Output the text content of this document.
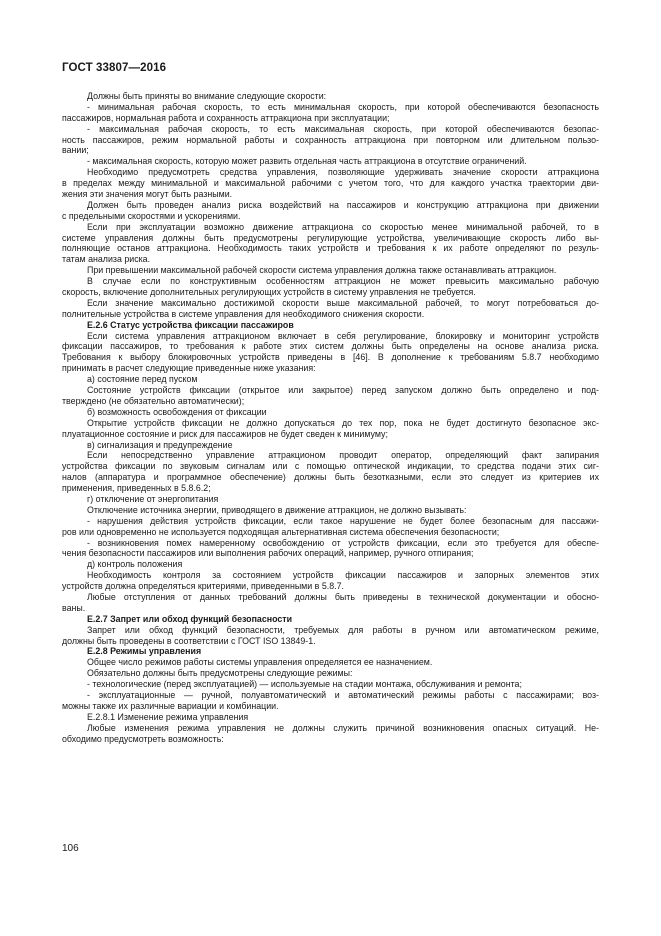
ГОСТ 33807—2016
Должны быть приняты во внимание следующие скорости:
- минимальная рабочая скорость, то есть минимальная скорость, при которой обеспечиваются безопасность
пассажиров, нормальная работа и сохранность аттракциона при эксплуатации;
- максимальная рабочая скорость, то есть максимальная скорость, при которой обеспечиваются безопас-
ность пассажиров, режим нормальной работы и сохранность аттракциона при повторном или длительном пользо-
вании;
- максимальная скорость, которую может развить отдельная часть аттракциона в отсутствие ограничений.
Необходимо предусмотреть средства управления, позволяющие удерживать значение скорости аттракциона
в пределах между минимальной и максимальной рабочими с учетом того, что для каждого участка траектории дви-
жения эти значения могут быть разными.
Должен быть проведен анализ риска воздействий на пассажиров и конструкцию аттракциона при движении
с предельными скоростями и ускорениями.
Если при эксплуатации возможно движение аттракциона со скоростью менее минимальной рабочей, то в
системе управления должны быть предусмотрены регулирующие устройства, увеличивающие скорость либо вы-
полняющие останов аттракциона. Необходимость таких устройств и требования к их работе определяют по резуль-
татам анализа риска.
При превышении максимальной рабочей скорости система управления должна также останавливать аттракцион.
В случае если по конструктивным особенностям аттракцион не может превысить максимально рабочую
скорость, включение дополнительных регулирующих устройств в систему управления не требуется.
Если значение максимально достижимой скорости выше максимальной рабочей, то могут потребоваться до-
полнительные устройства в системе управления для необходимого снижения скорости.
E.2.6 Статус устройства фиксации пассажиров
Если система управления аттракционом включает в себя регулирование, блокировку и мониторинг устройств
фиксации пассажиров, то требования к работе этих систем должны быть определены на основе анализа риска.
Требования к выбору блокировочных устройств приведены в [46]. В дополнение к требованиям 5.8.7 необходимо
принимать в расчет следующие приведенные ниже указания:
а) состояние перед пуском
Состояние устройств фиксации (открытое или закрытое) перед запуском должно быть определено и под-
тверждено (не обязательно автоматически);
б) возможность освобождения от фиксации
Открытие устройств фиксации не должно допускаться до тех пор, пока не будет достигнуто безопасное экс-
плуатационное состояние и риск для пассажиров не будет сведен к минимуму;
в) сигнализация и предупреждение
Если непосредственно управление аттракционом проводит оператор, определяющий факт запирания
устройства фиксации по звуковым сигналам или с помощью оптической индикации, то средства подачи этих сиг-
налов (аппаратура и программное обеспечение) должны быть безотказными, если это следует из критериев их
применения, приведенных в 5.8.6.2;
г) отключение от энергопитания
Отключение источника энергии, приводящего в движение аттракцион, не должно вызывать:
- нарушения действия устройств фиксации, если такое нарушение не будет более безопасным для пассажи-
ров или одновременно не используется подходящая альтернативная система обеспечения безопасности;
- возникновения помех намеренному освобождению от устройств фиксации, если это требуется для обеспе-
чения безопасности пассажиров или выполнения рабочих операций, например, ручного отпирания;
д) контроль положения
Необходимость контроля за состоянием устройств фиксации пассажиров и запорных элементов этих
устройств должна определяться критериями, приведенными в 5.8.7.
Любые отступления от данных требований должны быть приведены в технической документации и обосно-
ваны.
E.2.7 Запрет или обход функций безопасности
Запрет или обход функций безопасности, требуемых для работы в ручном или автоматическом режиме,
должны быть проведены в соответствии с ГОСТ ISO 13849-1.
E.2.8 Режимы управления
Общее число режимов работы системы управления определяется ее назначением.
Обязательно должны быть предусмотрены следующие режимы:
- технологические (перед эксплуатацией) — используемые на стадии монтажа, обслуживания и ремонта;
- эксплуатационные — ручной, полуавтоматический и автоматический режимы работы с пассажирами; воз-
можны также их различные вариации и комбинации.
E.2.8.1 Изменение режима управления
Любые изменения режима управления не должны служить причиной возникновения опасных ситуаций. Не-
обходимо предусмотреть возможность:
106
